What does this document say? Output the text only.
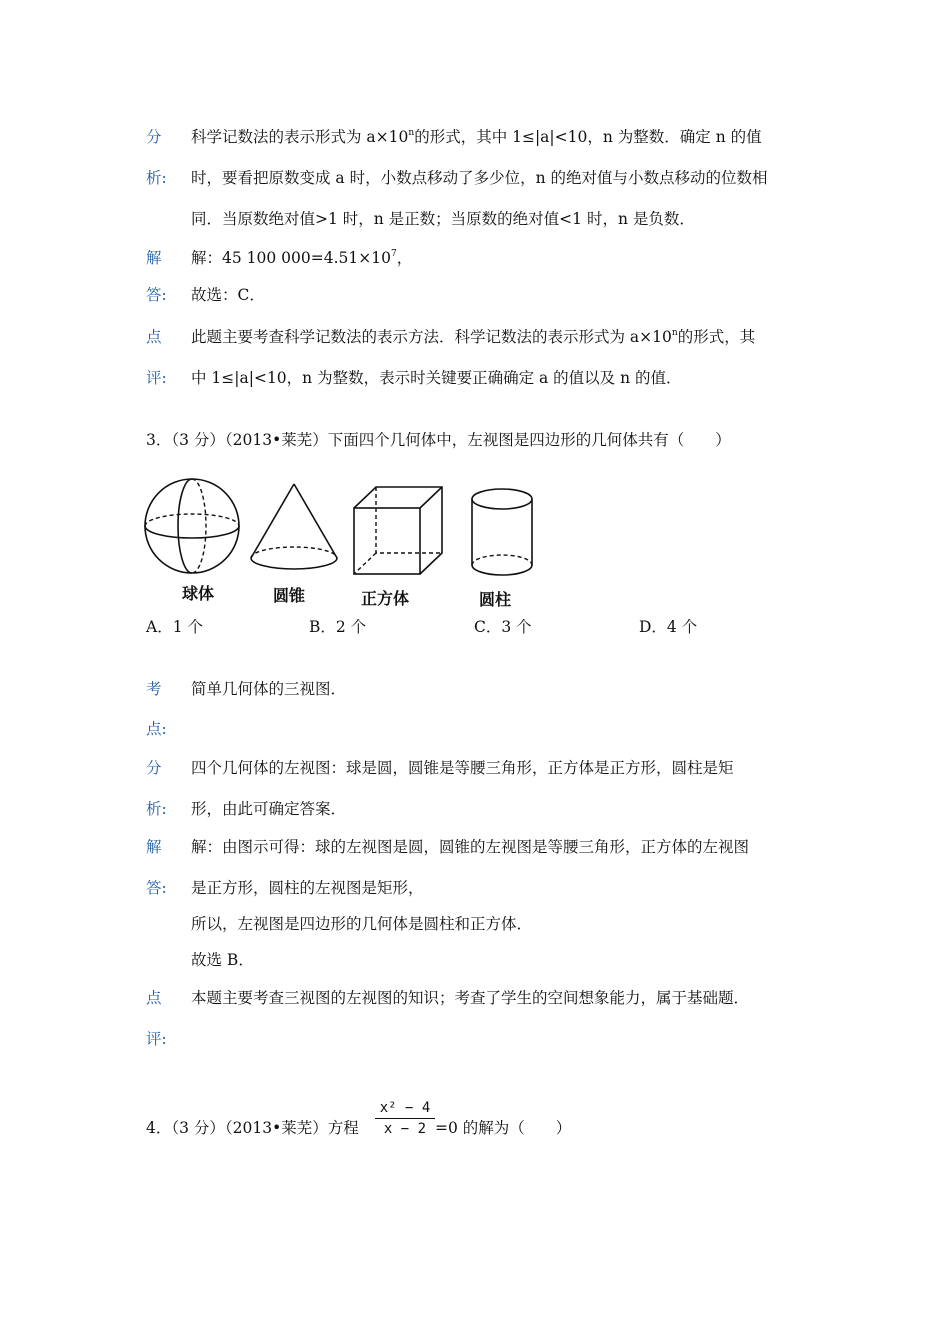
分 科学记数法的表示形式为 $a\times 10^n$的形式，其中 1≤|a|<10，n 为整数．确定 n 的值
析: 时，要看把原数变成 a 时，小数点移动了多少位，n 的绝对值与小数点移动的位数相
同．当原数绝对值>1 时，n 是正数；当原数的绝对值<1 时，n 是负数．
解 解：45 100 $000=4.51\times 10^7$，
答: 故选：C．
点 此题主要考查科学记数法的表示方法．科学记数法的表示形式为 $a\times 10^n$的形式，其
评: 中 1≤|a|<10，n 为整数，表示时关键要正确确定 a 的值以及 n 的值．
3．（3 分）（2013•莱芜）下面四个几何体中，左视图是四边形的几何体共有（　　）
球体	圆锥	正方体	圆柱
A．1 个	B．2 个	C．3 个	D．4 个
考 简单几何体的三视图．
点:
分 四个几何体的左视图：球是圆，圆锥是等腰三角形，正方体是正方形，圆柱是矩
析: 形，由此可确定答案．
解 解：由图示可得：球的左视图是圆，圆锥的左视图是等腰三角形，正方体的左视图
答: 是正方形，圆柱的左视图是矩形，
所以，左视图是四边形的几何体是圆柱和正方体．
故选 B．
点 本题主要考查三视图的左视图的知识；考查了学生的空间想象能力，属于基础题．
评:
4．（3 分）（2013•莱芜）方程
x² − 4
x − 2 =0 的解为（　　）
